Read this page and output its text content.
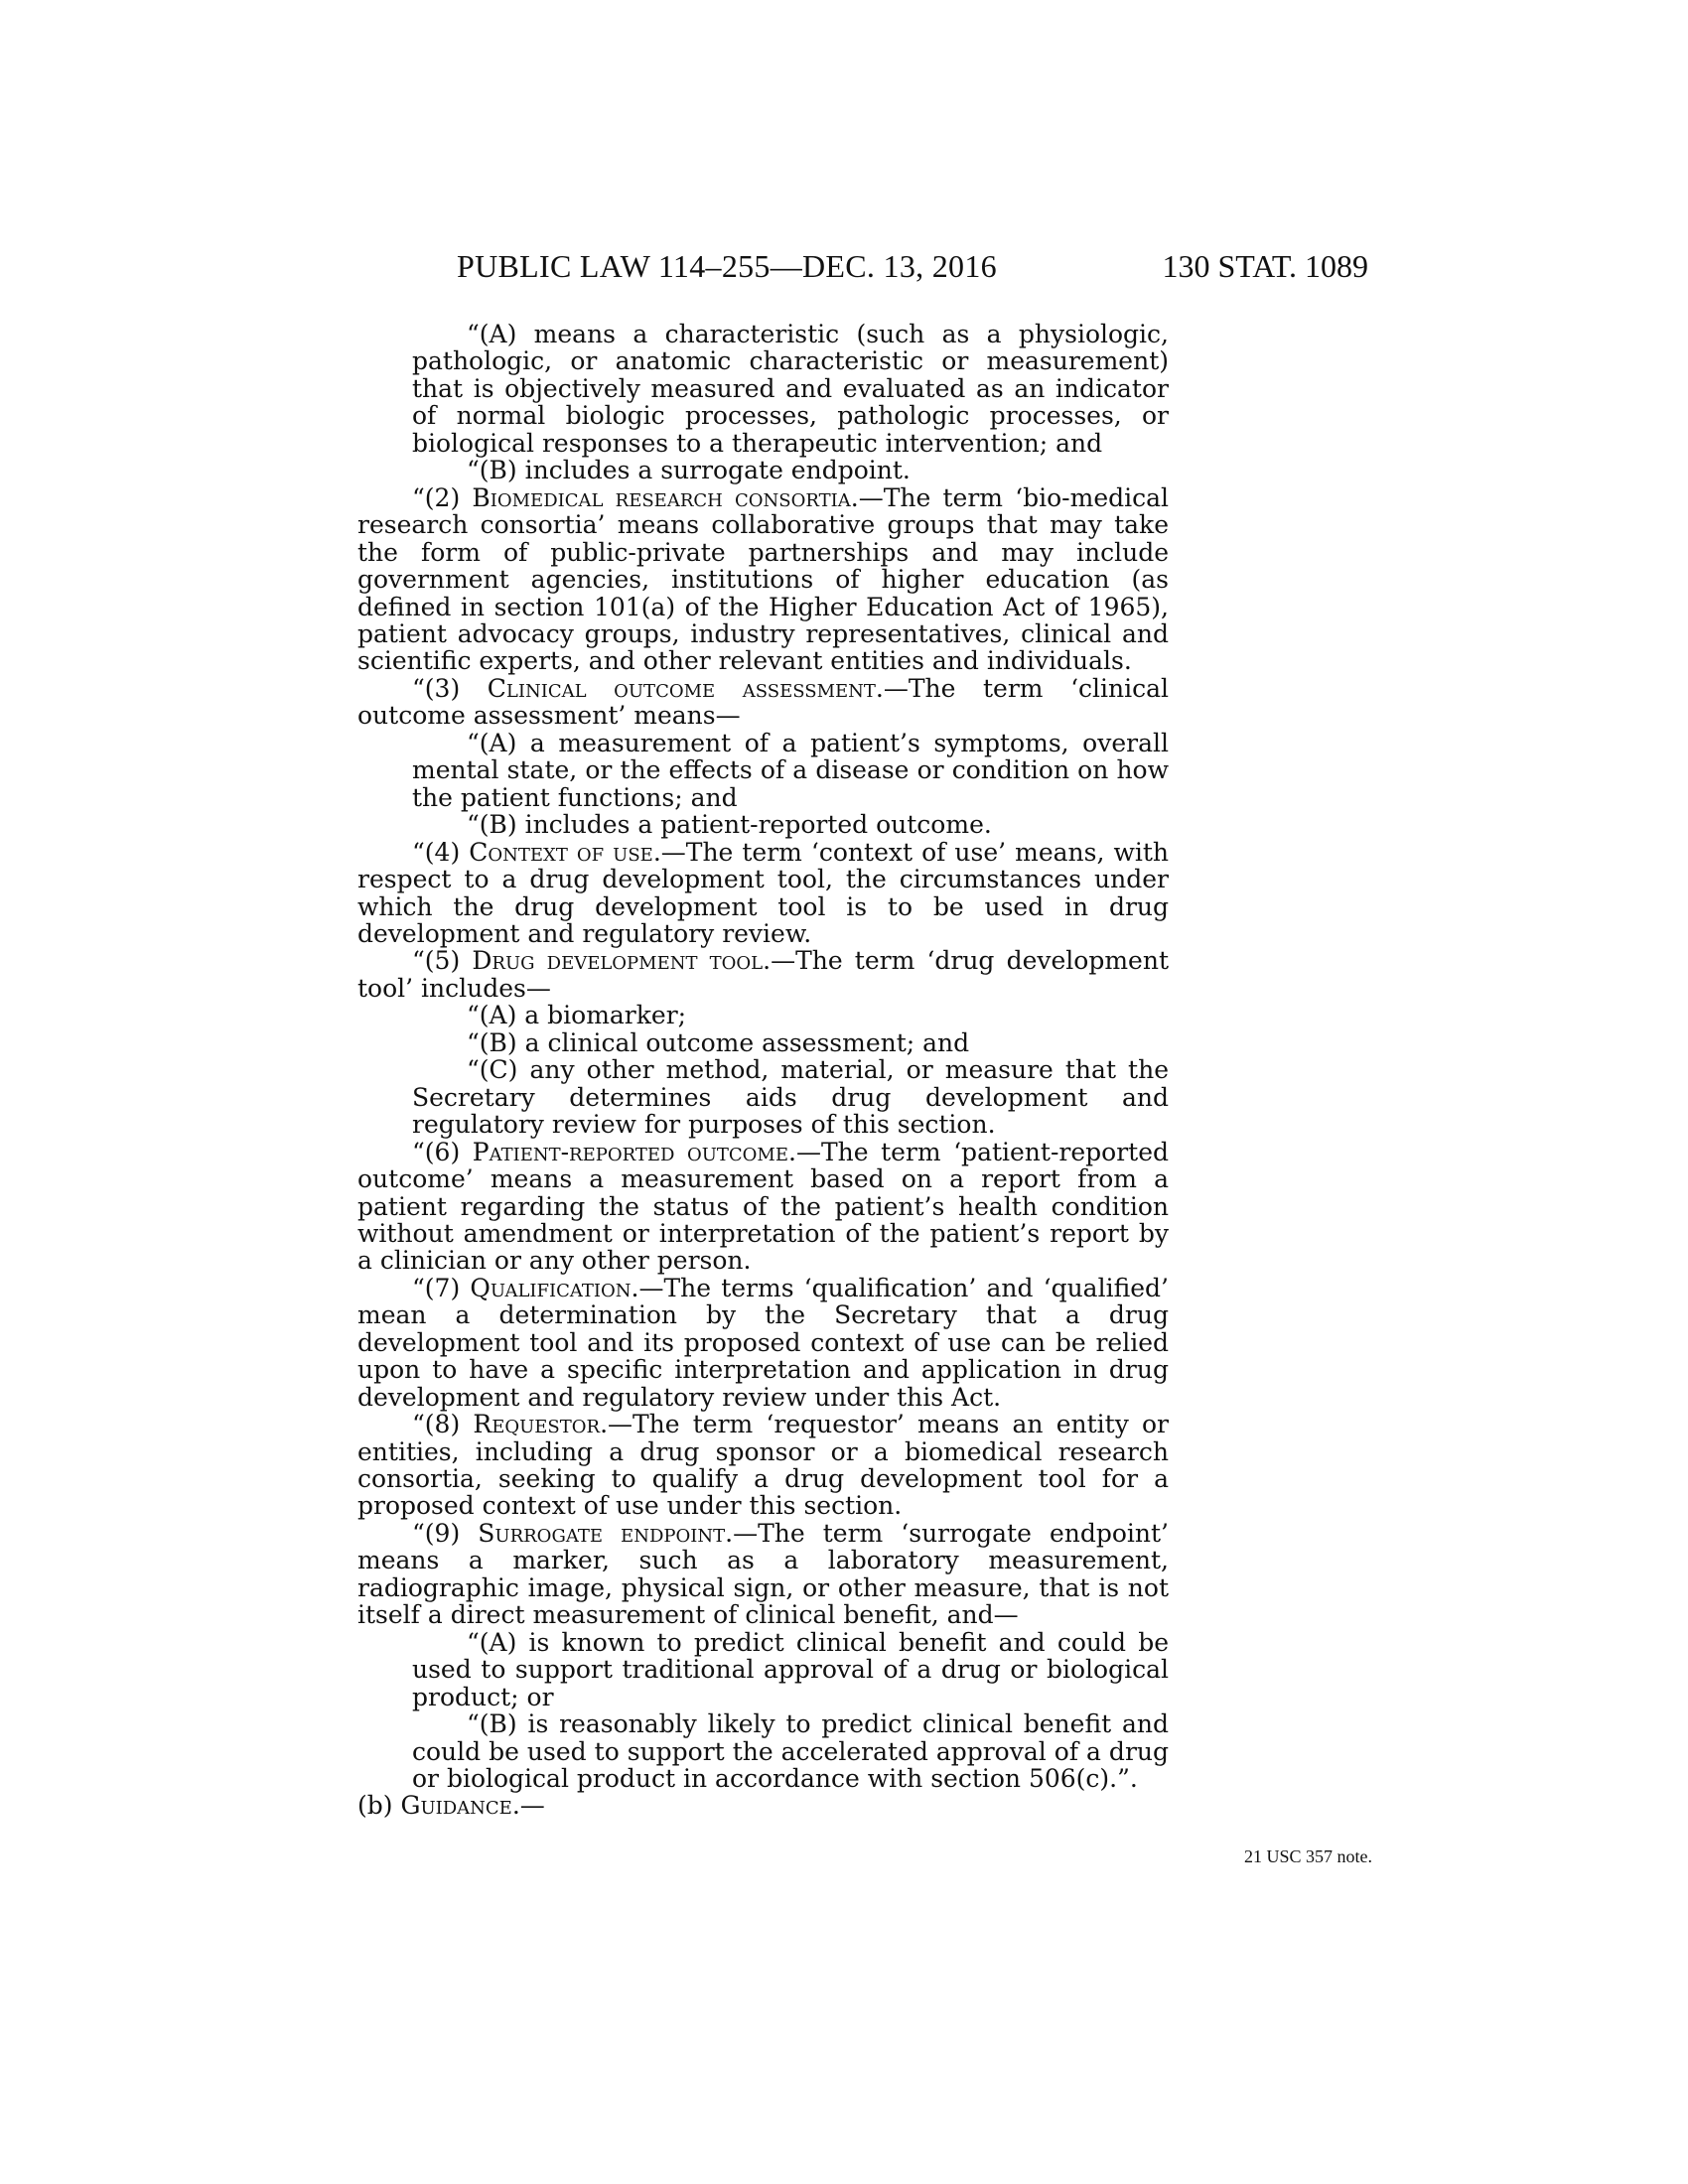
PUBLIC LAW 114–255—DEC. 13, 2016	130 STAT. 1089

“(A) means a characteristic (such as a physiologic, pathologic, or anatomic characteristic or measurement) that is objectively measured and evaluated as an indicator of normal biologic processes, pathologic processes, or biological responses to a therapeutic intervention; and

“(B) includes a surrogate endpoint.

“(2) Biomedical research consortia.—The term ‘bio-medical research consortia’ means collaborative groups that may take the form of public-private partnerships and may include government agencies, institutions of higher education (as defined in section 101(a) of the Higher Education Act of 1965), patient advocacy groups, industry representatives, clinical and scientific experts, and other relevant entities and individuals.

“(3) Clinical outcome assessment.—The term ‘clinical outcome assessment’ means—

“(A) a measurement of a patient’s symptoms, overall mental state, or the effects of a disease or condition on how the patient functions; and

“(B) includes a patient-reported outcome.

“(4) Context of use.—The term ‘context of use’ means, with respect to a drug development tool, the circumstances under which the drug development tool is to be used in drug development and regulatory review.

“(5) Drug development tool.—The term ‘drug development tool’ includes—

“(A) a biomarker;

“(B) a clinical outcome assessment; and

“(C) any other method, material, or measure that the Secretary determines aids drug development and regulatory review for purposes of this section.

“(6) Patient-reported outcome.—The term ‘patient-reported outcome’ means a measurement based on a report from a patient regarding the status of the patient’s health condition without amendment or interpretation of the patient’s report by a clinician or any other person.

“(7) Qualification.—The terms ‘qualification’ and ‘qualified’ mean a determination by the Secretary that a drug development tool and its proposed context of use can be relied upon to have a specific interpretation and application in drug development and regulatory review under this Act.

“(8) Requestor.—The term ‘requestor’ means an entity or entities, including a drug sponsor or a biomedical research consortia, seeking to qualify a drug development tool for a proposed context of use under this section.

“(9) Surrogate endpoint.—The term ‘surrogate endpoint’ means a marker, such as a laboratory measurement, radiographic image, physical sign, or other measure, that is not itself a direct measurement of clinical benefit, and—

“(A) is known to predict clinical benefit and could be used to support traditional approval of a drug or biological product; or

“(B) is reasonably likely to predict clinical benefit and could be used to support the accelerated approval of a drug or biological product in accordance with section 506(c).”.

(b) Guidance.—

21 USC 357 note.
